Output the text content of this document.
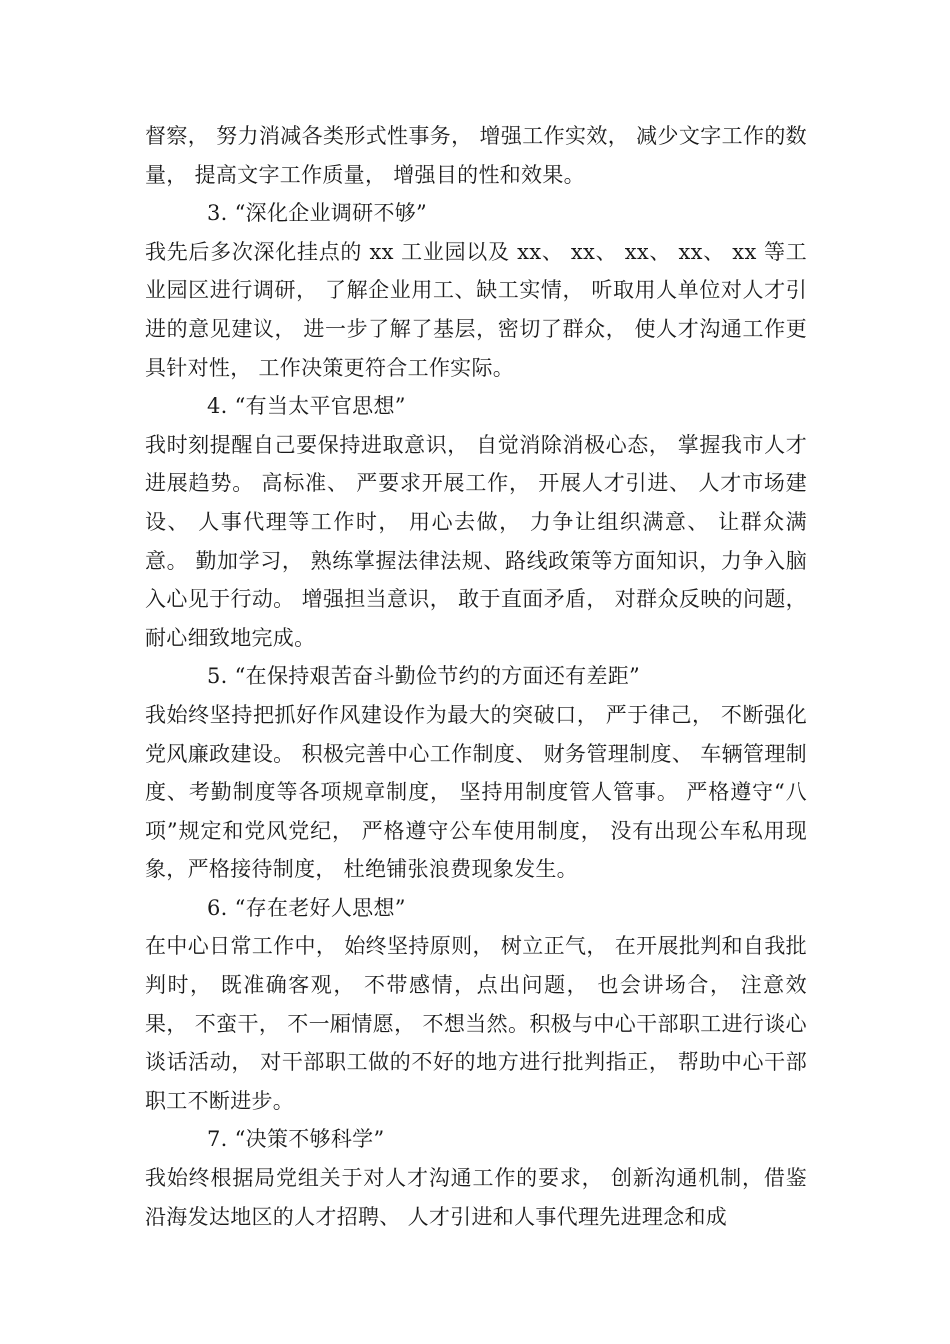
督察， 努力消减各类形式性事务， 增强工作实效， 减少文字工作的数量， 提高文字工作质量， 增强目的性和效果。

3. “深化企业调研不够”

我先后多次深化挂点的 xx 工业园以及 xx、 xx、 xx、 xx、 xx 等工业园区进行调研， 了解企业用工、缺工实情， 听取用人单位对人才引进的意见建议， 进一步了解了基层，密切了群众， 使人才沟通工作更具针对性， 工作决策更符合工作实际。

4. “有当太平官思想”

我时刻提醒自己要保持进取意识， 自觉消除消极心态， 掌握我市人才进展趋势。 高标准、 严要求开展工作， 开展人才引进、 人才市场建设、 人事代理等工作时， 用心去做， 力争让组织满意、 让群众满意。 勤加学习， 熟练掌握法律法规、路线政策等方面知识，力争入脑入心见于行动。 增强担当意识， 敢于直面矛盾， 对群众反映的问题， 耐心细致地完成。

5. “在保持艰苦奋斗勤俭节约的方面还有差距”

我始终坚持把抓好作风建设作为最大的突破口， 严于律己， 不断强化党风廉政建设。 积极完善中心工作制度、 财务管理制度、 车辆管理制度、考勤制度等各项规章制度， 坚持用制度管人管事。 严格遵守“八项”规定和党风党纪， 严格遵守公车使用制度， 没有出现公车私用现象，严格接待制度， 杜绝铺张浪费现象发生。

6. “存在老好人思想”

在中心日常工作中， 始终坚持原则， 树立正气， 在开展批判和自我批判时， 既准确客观， 不带感情，点出问题， 也会讲场合， 注意效果， 不蛮干， 不一厢情愿， 不想当然。积极与中心干部职工进行谈心谈话活动， 对干部职工做的不好的地方进行批判指正， 帮助中心干部职工不断进步。

7. “决策不够科学”

我始终根据局党组关于对人才沟通工作的要求， 创新沟通机制，借鉴沿海发达地区的人才招聘、 人才引进和人事代理先进理念和成
